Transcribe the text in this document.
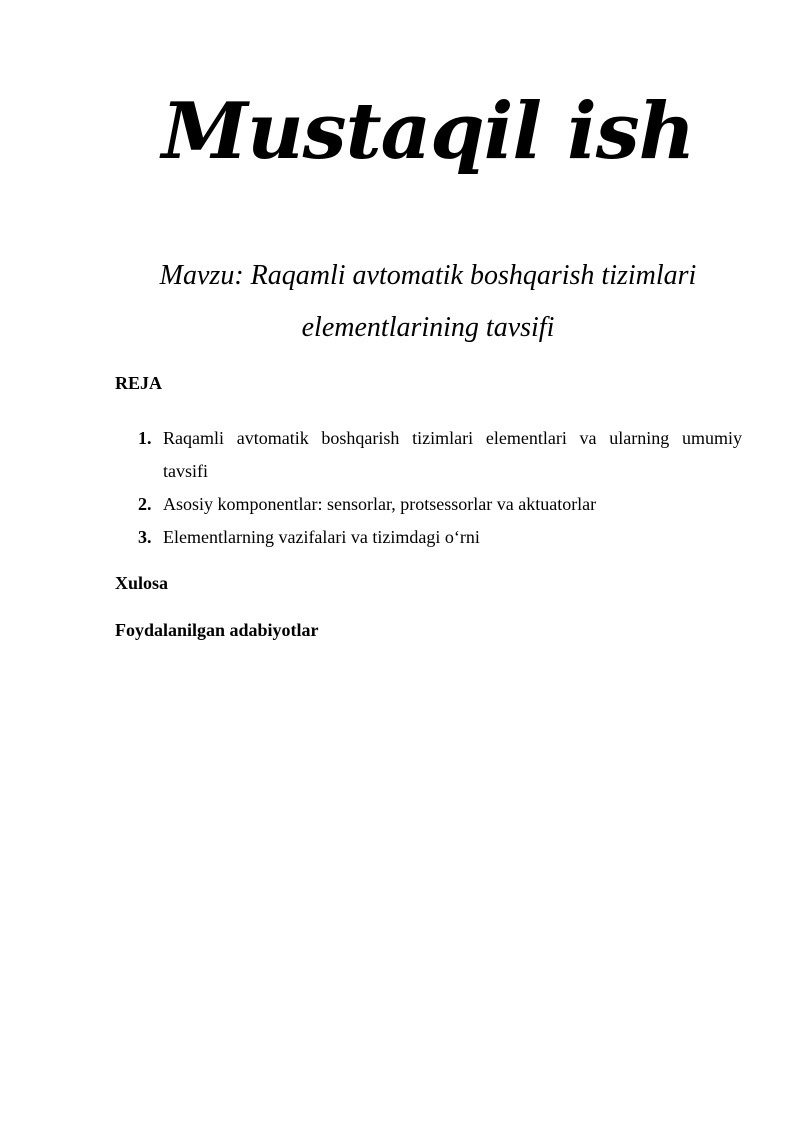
Mustaqil ish
Mavzu: Raqamli avtomatik boshqarish tizimlari
elementlarining tavsifi
REJA
1. Raqamli avtomatik boshqarish tizimlari elementlari va ularning umumiy
tavsifi
2. Asosiy komponentlar: sensorlar, protsessorlar va aktuatorlar
3. Elementlarning vazifalari va tizimdagi o‘rni
Xulosa
Foydalanilgan adabiyotlar
